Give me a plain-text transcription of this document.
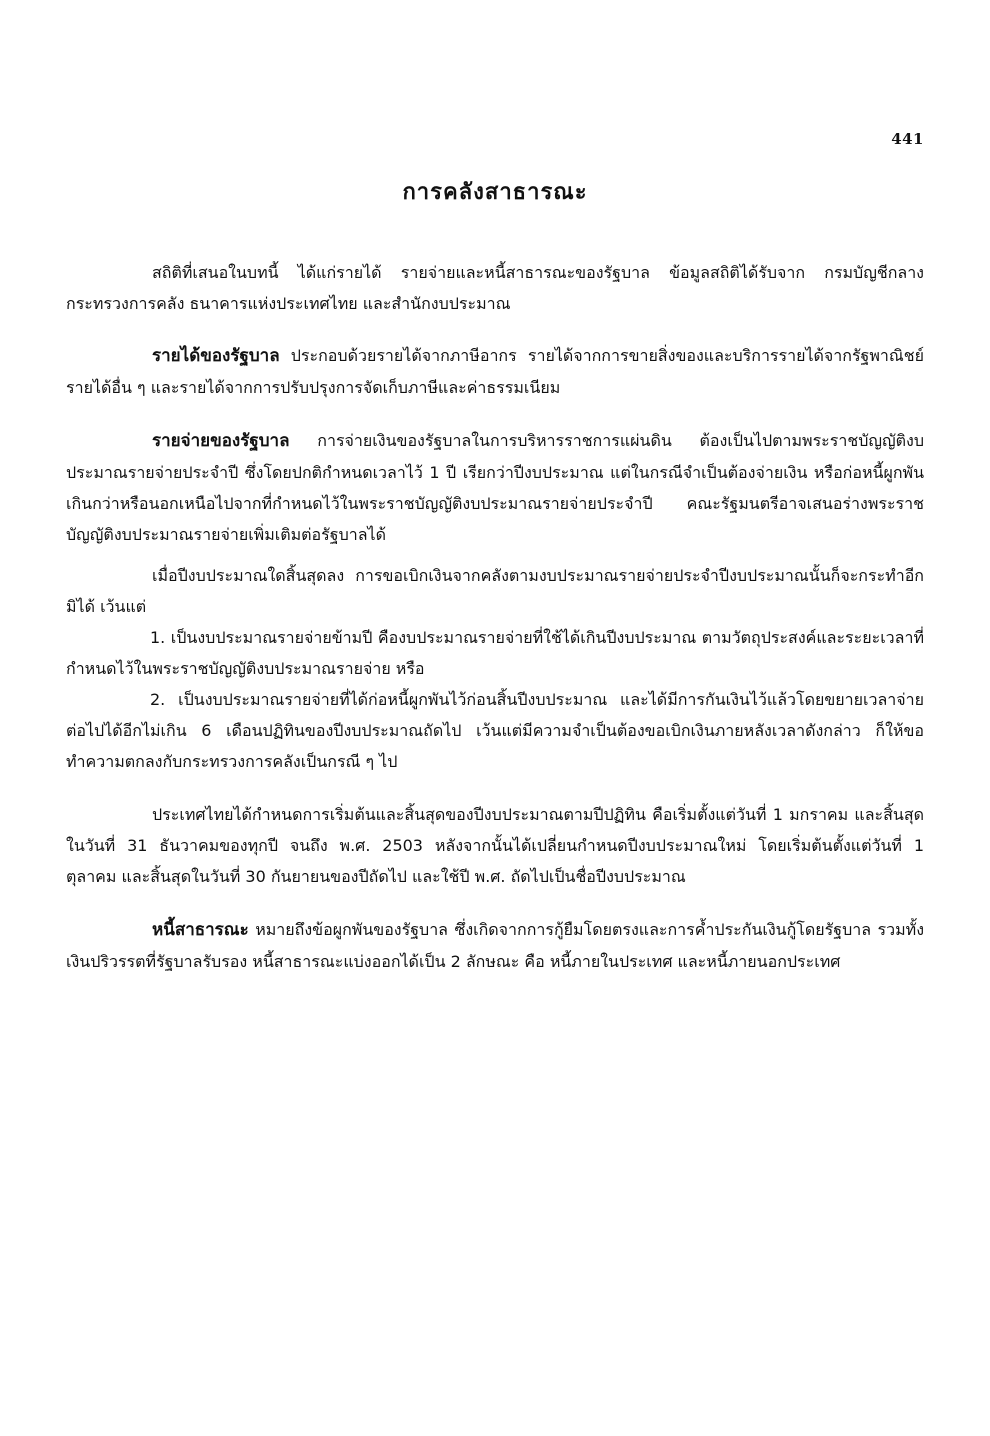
441
การคลังสาธารณะ

สถิติที่เสนอในบทนี้ ได้แก่รายได้ รายจ่ายและหนี้สาธารณะของรัฐบาล ข้อมูลสถิติได้รับจาก กรมบัญชีกลาง กระทรวงการคลัง ธนาคารแห่งประเทศไทย และสำนักงบประมาณ

รายได้ของรัฐบาล ประกอบด้วยรายได้จากภาษีอากร รายได้จากการขายสิ่งของและบริการรายได้จากรัฐพาณิชย์ รายได้อื่น ๆ และรายได้จากการปรับปรุงการจัดเก็บภาษีและค่าธรรมเนียม

รายจ่ายของรัฐบาล การจ่ายเงินของรัฐบาลในการบริหารราชการแผ่นดิน ต้องเป็นไปตามพระราชบัญญัติงบประมาณรายจ่ายประจำปี ซึ่งโดยปกติกำหนดเวลาไว้ 1 ปี เรียกว่าปีงบประมาณ แต่ในกรณีจำเป็นต้องจ่ายเงิน หรือก่อหนี้ผูกพันเกินกว่าหรือนอกเหนือไปจากที่กำหนดไว้ในพระราชบัญญัติงบประมาณรายจ่ายประจำปี คณะรัฐมนตรีอาจเสนอร่างพระราชบัญญัติงบประมาณรายจ่ายเพิ่มเติมต่อรัฐบาลได้

เมื่อปีงบประมาณใดสิ้นสุดลง การขอเบิกเงินจากคลังตามงบประมาณรายจ่ายประจำปีงบประมาณนั้นก็จะกระทำอีกมิได้ เว้นแต่

1. เป็นงบประมาณรายจ่ายข้ามปี คืองบประมาณรายจ่ายที่ใช้ได้เกินปีงบประมาณ ตามวัตถุประสงค์และระยะเวลาที่กำหนดไว้ในพระราชบัญญัติงบประมาณรายจ่าย หรือ

2. เป็นงบประมาณรายจ่ายที่ได้ก่อหนี้ผูกพันไว้ก่อนสิ้นปีงบประมาณ และได้มีการกันเงินไว้แล้วโดยขยายเวลาจ่ายต่อไปได้อีกไม่เกิน 6 เดือนปฏิทินของปีงบประมาณถัดไป เว้นแต่มีความจำเป็นต้องขอเบิกเงินภายหลังเวลาดังกล่าว ก็ให้ขอทำความตกลงกับกระทรวงการคลังเป็นกรณี ๆ ไป

ประเทศไทยได้กำหนดการเริ่มต้นและสิ้นสุดของปีงบประมาณตามปีปฏิทิน คือเริ่มตั้งแต่วันที่ 1 มกราคม และสิ้นสุดในวันที่ 31 ธันวาคมของทุกปี จนถึง พ.ศ. 2503 หลังจากนั้นได้เปลี่ยนกำหนดปีงบประมาณใหม่ โดยเริ่มต้นตั้งแต่วันที่ 1 ตุลาคม และสิ้นสุดในวันที่ 30 กันยายนของปีถัดไป และใช้ปี พ.ศ. ถัดไปเป็นชื่อปีงบประมาณ

หนี้สาธารณะ หมายถึงข้อผูกพันของรัฐบาล ซึ่งเกิดจากการกู้ยืมโดยตรงและการค้ำประกันเงินกู้โดยรัฐบาล รวมทั้งเงินปริวรรตที่รัฐบาลรับรอง หนี้สาธารณะแบ่งออกได้เป็น 2 ลักษณะ คือ หนี้ภายในประเทศ และหนี้ภายนอกประเทศ
